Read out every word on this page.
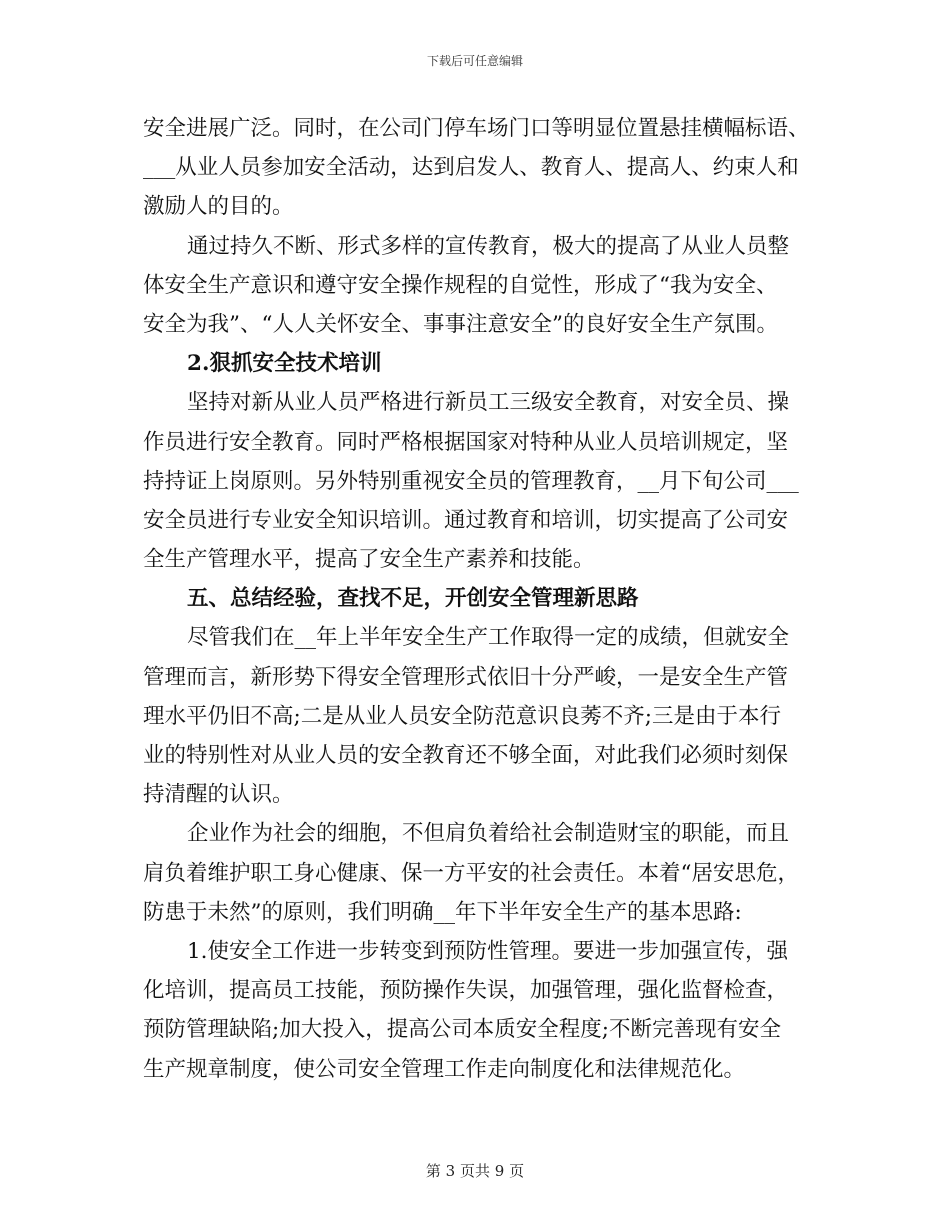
下载后可任意编辑
安全进展广泛。同时，在公司门停车场门口等明显位置悬挂横幅标语、
___从业人员参加安全活动，达到启发人、教育人、提高人、约束人和
激励人的目的。
通过持久不断、形式多样的宣传教育，极大的提高了从业人员整
体安全生产意识和遵守安全操作规程的自觉性，形成了“我为安全、
安全为我”、“人人关怀安全、事事注意安全”的良好安全生产氛围。
2.狠抓安全技术培训
坚持对新从业人员严格进行新员工三级安全教育，对安全员、操
作员进行安全教育。同时严格根据国家对特种从业人员培训规定，坚
持持证上岗原则。另外特别重视安全员的管理教育，__月下旬公司___
安全员进行专业安全知识培训。通过教育和培训，切实提高了公司安
全生产管理水平，提高了安全生产素养和技能。
五、总结经验，查找不足，开创安全管理新思路
尽管我们在__年上半年安全生产工作取得一定的成绩，但就安全
管理而言，新形势下得安全管理形式依旧十分严峻，一是安全生产管
理水平仍旧不高;二是从业人员安全防范意识良莠不齐;三是由于本行
业的特别性对从业人员的安全教育还不够全面，对此我们必须时刻保
持清醒的认识。
企业作为社会的细胞，不但肩负着给社会制造财宝的职能，而且
肩负着维护职工身心健康、保一方平安的社会责任。本着“居安思危，
防患于未然”的原则，我们明确__年下半年安全生产的基本思路:
1.使安全工作进一步转变到预防性管理。要进一步加强宣传，强
化培训，提高员工技能，预防操作失误，加强管理，强化监督检查，
预防管理缺陷;加大投入，提高公司本质安全程度;不断完善现有安全
生产规章制度，使公司安全管理工作走向制度化和法律规范化。
第 3 页共 9 页
